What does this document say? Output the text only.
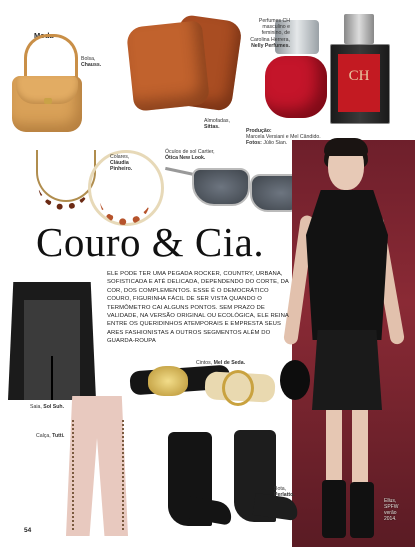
Moda
Bolsa,
Chauss.
Almofadas,
Sittas.
CH
Perfumes CH
masculino e
feminino, de
Carolina Herrera,
Nelly Perfumes.
Produção:
Marcela Versiani e Mel Cândido.
Fotos: Júlio Sian.
Colares,
Cláudia Pinheiro.
Óculos de sol Cartier,
Ótica New Look.
Couro & Cia.
ELE PODE TER UMA PEGADA ROCKER, COUNTRY, URBANA, SOFISTICADA E ATÉ DELICADA, DEPENDENDO DO CORTE, DA COR, DOS COMPLEMENTOS. ESSE É O DEMOCRÁTICO COURO, FIGURINHA FÁCIL DE SER VISTA QUANDO O TERMÔMETRO CAI ALGUNS PONTOS. SEM PRAZO DE VALIDADE, NA VERSÃO ORIGINAL OU ECOLÓGICA, ELE REINA ENTRE OS QUERIDINHOS ATEMPORAIS E EMPRESTA SEUS ARES FASHIONISTAS A OUTROS SEGMENTOS ALÉM DO GUARDA-ROUPA
Saia, Sol Suh.
Cintos, Mel de Seda.
Calça, Tutti.
Bota,
Perlatto.
Ellus,
SPFW
verão
2014.
54
